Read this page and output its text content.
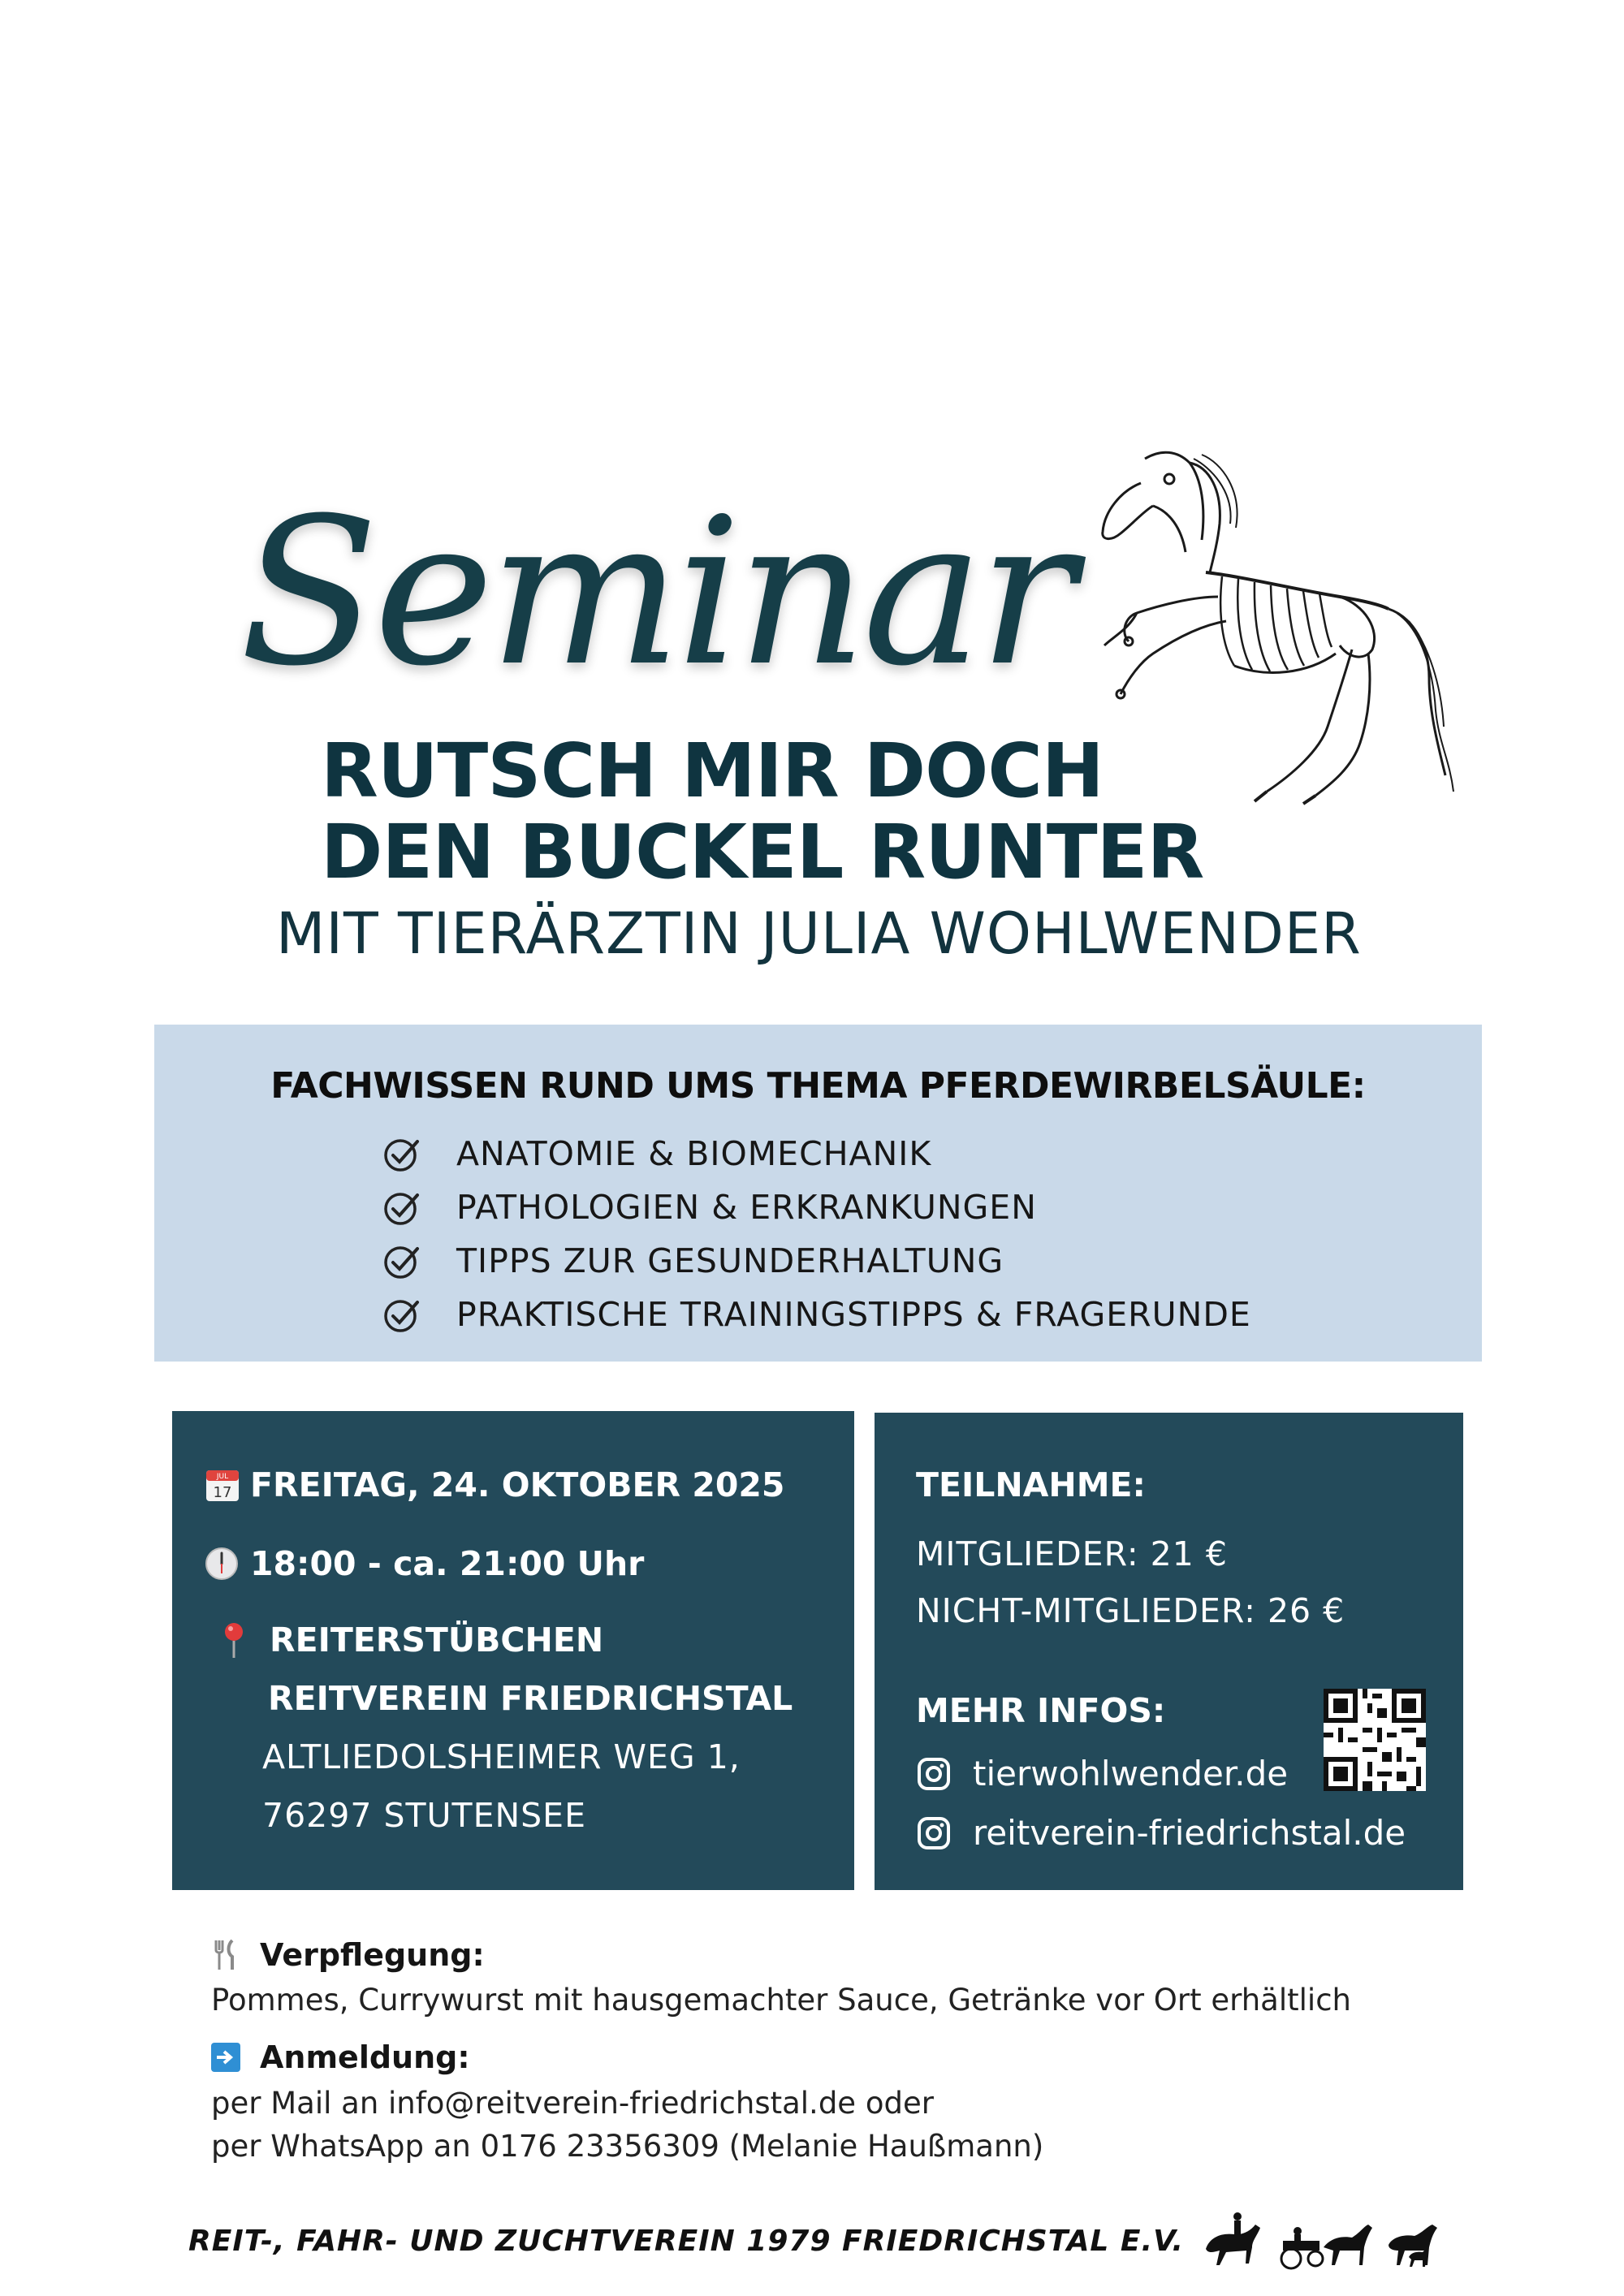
Seminar
RUTSCH MIR DOCH
DEN BUCKEL RUNTER
MIT TIERÄRZTIN JULIA WOHLWENDER
FACHWISSEN RUND UMS THEMA PFERDEWIRBELSÄULE:
ANATOMIE & BIOMECHANIK
PATHOLOGIEN & ERKRANKUNGEN
TIPPS ZUR GESUNDERHALTUNG
PRAKTISCHE TRAININGSTIPPS & FRAGERUNDE
JUL
17 FREITAG, 24. OKTOBER 2025
18:00 - ca. 21:00 Uhr
REITERSTÜBCHEN
REITVEREIN FRIEDRICHSTAL
ALTLIEDOLSHEIMER WEG 1,
76297 STUTENSEE
TEILNAHME:
MITGLIEDER: 21 €
NICHT-MITGLIEDER: 26 €
MEHR INFOS:
tierwohlwender.de
reitverein-friedrichstal.de
Verpflegung:
Pommes, Currywurst mit hausgemachter Sauce, Getränke vor Ort erhältlich
Anmeldung:
per Mail an info@reitverein-friedrichstal.de oder
per WhatsApp an 0176 23356309 (Melanie Haußmann)
REIT-, FAHR- UND ZUCHTVEREIN 1979 FRIEDRICHSTAL E.V.
